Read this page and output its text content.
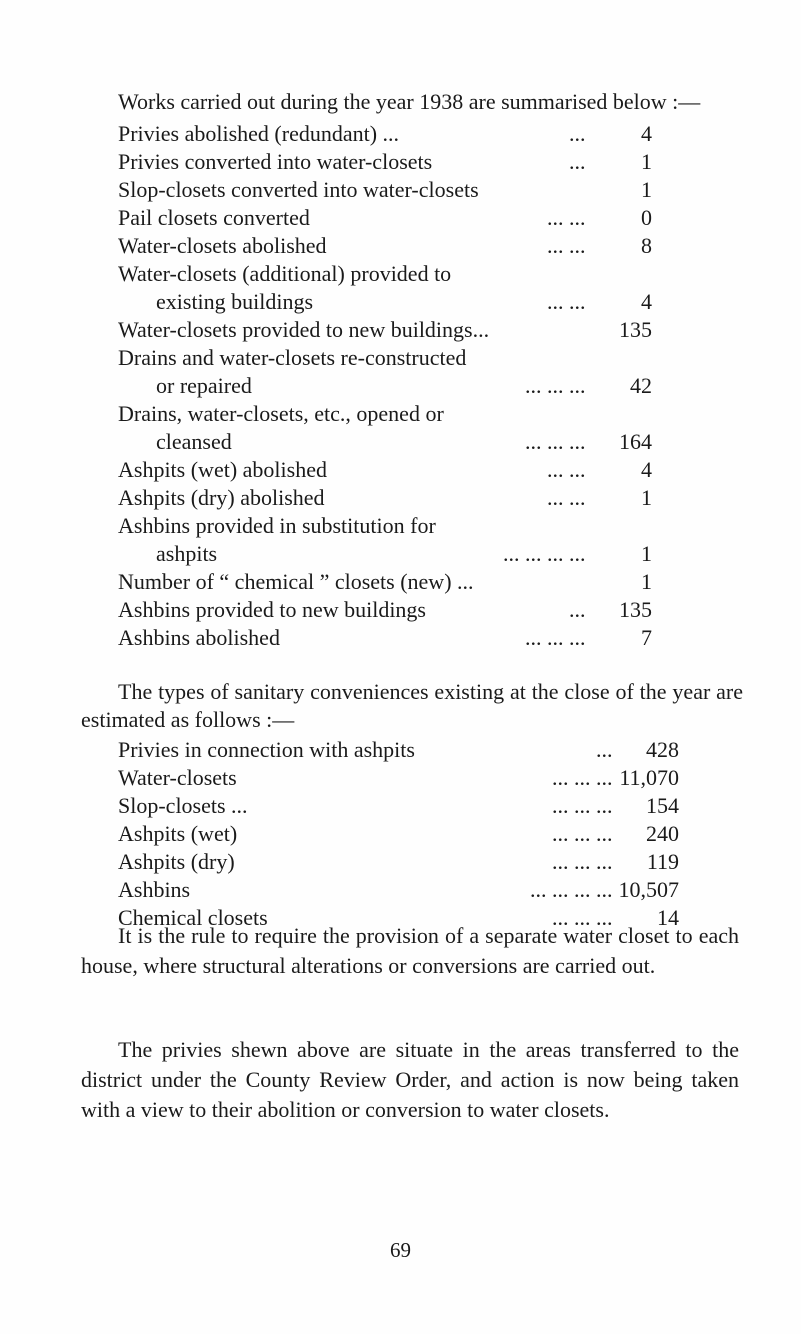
Works carried out during the year 1938 are summarised below :—
Privies abolished (redundant) ...	...	4
Privies converted into water-closets	...	1
Slop-closets converted into water-closets	1
Pail closets converted	... ...	0
Water-closets abolished	... ...	8
Water-closets (additional) provided to
existing buildings	... ...	4
Water-closets provided to new buildings...	135
Drains and water-closets re-constructed
or repaired	... ... ... 42
Drains, water-closets, etc., opened or
cleansed	... ... ... 164
Ashpits (wet) abolished	... ...	4
Ashpits (dry) abolished	... ...	1
Ashbins provided in substitution for
ashpits	... ... ... ...	1
Number of “ chemical ” closets (new) ...	1
Ashbins provided to new buildings	... 135
Ashbins abolished	... ... ...	7
The types of sanitary conveniences existing at the close of the year are estimated as follows :—
Privies in connection with ashpits	... 428
Water-closets	... ... ... 11,070
Slop-closets ...	... ... ... 154
Ashpits (wet)	... ... ... 240
Ashpits (dry)	... ... ... 119
Ashbins	... ... ... ... 10,507
Chemical closets	... ... ... 14
It is the rule to require the provision of a separate water closet to each house, where structural alterations or conversions are carried out.
The privies shewn above are situate in the areas transferred to the district under the County Review Order, and action is now being taken with a view to their abolition or conversion to water closets.
69
